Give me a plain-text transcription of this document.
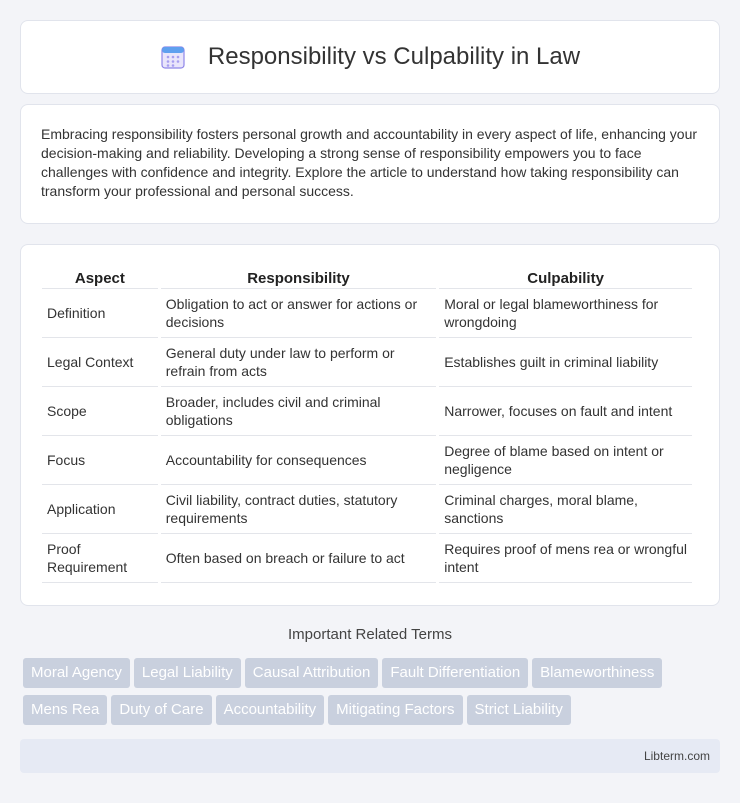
Responsibility vs Culpability in Law

Embracing responsibility fosters personal growth and accountability in every aspect of life, enhancing your decision-making and reliability. Developing a strong sense of responsibility empowers you to face challenges with confidence and integrity. Explore the article to understand how taking responsibility can transform your professional and personal success.

Aspect	Responsibility	Culpability
Definition	Obligation to act or answer for actions or decisions	Moral or legal blameworthiness for wrongdoing
Legal Context	General duty under law to perform or refrain from acts	Establishes guilt in criminal liability
Scope	Broader, includes civil and criminal obligations	Narrower, focuses on fault and intent
Focus	Accountability for consequences	Degree of blame based on intent or negligence
Application	Civil liability, contract duties, statutory requirements	Criminal charges, moral blame, sanctions
Proof Requirement	Often based on breach or failure to act	Requires proof of mens rea or wrongful intent
Important Related Terms
Moral Agency Legal Liability Causal Attribution Fault Differentiation BlameworthinessMens Rea Duty of Care Accountability Mitigating Factors Strict Liability
Libterm.com
